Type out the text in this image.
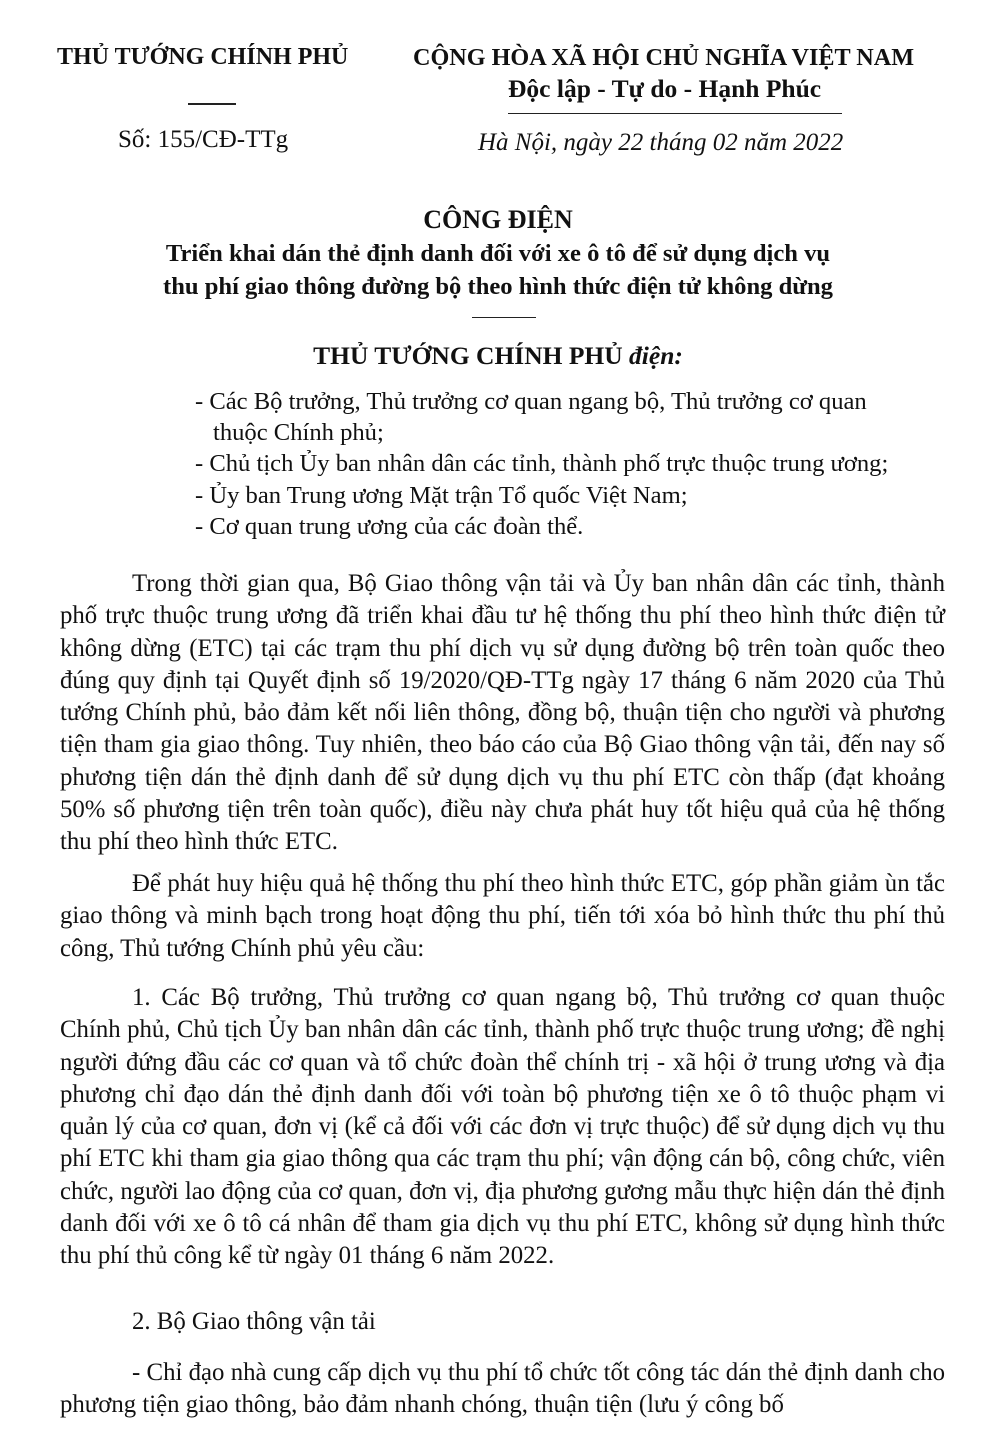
THỦ TƯỚNG CHÍNH PHỦ
Số: 155/CĐ-TTg
CỘNG HÒA XÃ HỘI CHỦ NGHĨA VIỆT NAM
Độc lập - Tự do - Hạnh Phúc
Hà Nội, ngày 22 tháng 02 năm 2022
CÔNG ĐIỆN
Triển khai dán thẻ định danh đối với xe ô tô để sử dụng dịch vụ
thu phí giao thông đường bộ theo hình thức điện tử không dừng
THỦ TƯỚNG CHÍNH PHỦ điện:

- Các Bộ trưởng, Thủ trưởng cơ quan ngang bộ, Thủ trưởng cơ quan

thuộc Chính phủ;

- Chủ tịch Ủy ban nhân dân các tỉnh, thành phố trực thuộc trung ương;

- Ủy ban Trung ương Mặt trận Tổ quốc Việt Nam;

- Cơ quan trung ương của các đoàn thể.

Trong thời gian qua, Bộ Giao thông vận tải và Ủy ban nhân dân các tỉnh, thành phố trực thuộc trung ương đã triển khai đầu tư hệ thống thu phí theo hình thức điện tử không dừng (ETC) tại các trạm thu phí dịch vụ sử dụng đường bộ trên toàn quốc theo đúng quy định tại Quyết định số 19/2020/QĐ-TTg ngày 17 tháng 6 năm 2020 của Thủ tướng Chính phủ, bảo đảm kết nối liên thông, đồng bộ, thuận tiện cho người và phương tiện tham gia giao thông. Tuy nhiên, theo báo cáo của Bộ Giao thông vận tải, đến nay số phương tiện dán thẻ định danh để sử dụng dịch vụ thu phí ETC còn thấp (đạt khoảng 50% số phương tiện trên toàn quốc), điều này chưa phát huy tốt hiệu quả của hệ thống thu phí theo hình thức ETC.

Để phát huy hiệu quả hệ thống thu phí theo hình thức ETC, góp phần giảm ùn tắc giao thông và minh bạch trong hoạt động thu phí, tiến tới xóa bỏ hình thức thu phí thủ công, Thủ tướng Chính phủ yêu cầu:

1. Các Bộ trưởng, Thủ trưởng cơ quan ngang bộ, Thủ trưởng cơ quan thuộc Chính phủ, Chủ tịch Ủy ban nhân dân các tỉnh, thành phố trực thuộc trung ương; đề nghị người đứng đầu các cơ quan và tổ chức đoàn thể chính trị - xã hội ở trung ương và địa phương chỉ đạo dán thẻ định danh đối với toàn bộ phương tiện xe ô tô thuộc phạm vi quản lý của cơ quan, đơn vị (kể cả đối với các đơn vị trực thuộc) để sử dụng dịch vụ thu phí ETC khi tham gia giao thông qua các trạm thu phí; vận động cán bộ, công chức, viên chức, người lao động của cơ quan, đơn vị, địa phương gương mẫu thực hiện dán thẻ định danh đối với xe ô tô cá nhân để tham gia dịch vụ thu phí ETC, không sử dụng hình thức thu phí thủ công kể từ ngày 01 tháng 6 năm 2022.

2. Bộ Giao thông vận tải

- Chỉ đạo nhà cung cấp dịch vụ thu phí tổ chức tốt công tác dán thẻ định danh cho phương tiện giao thông, bảo đảm nhanh chóng, thuận tiện (lưu ý công bố
